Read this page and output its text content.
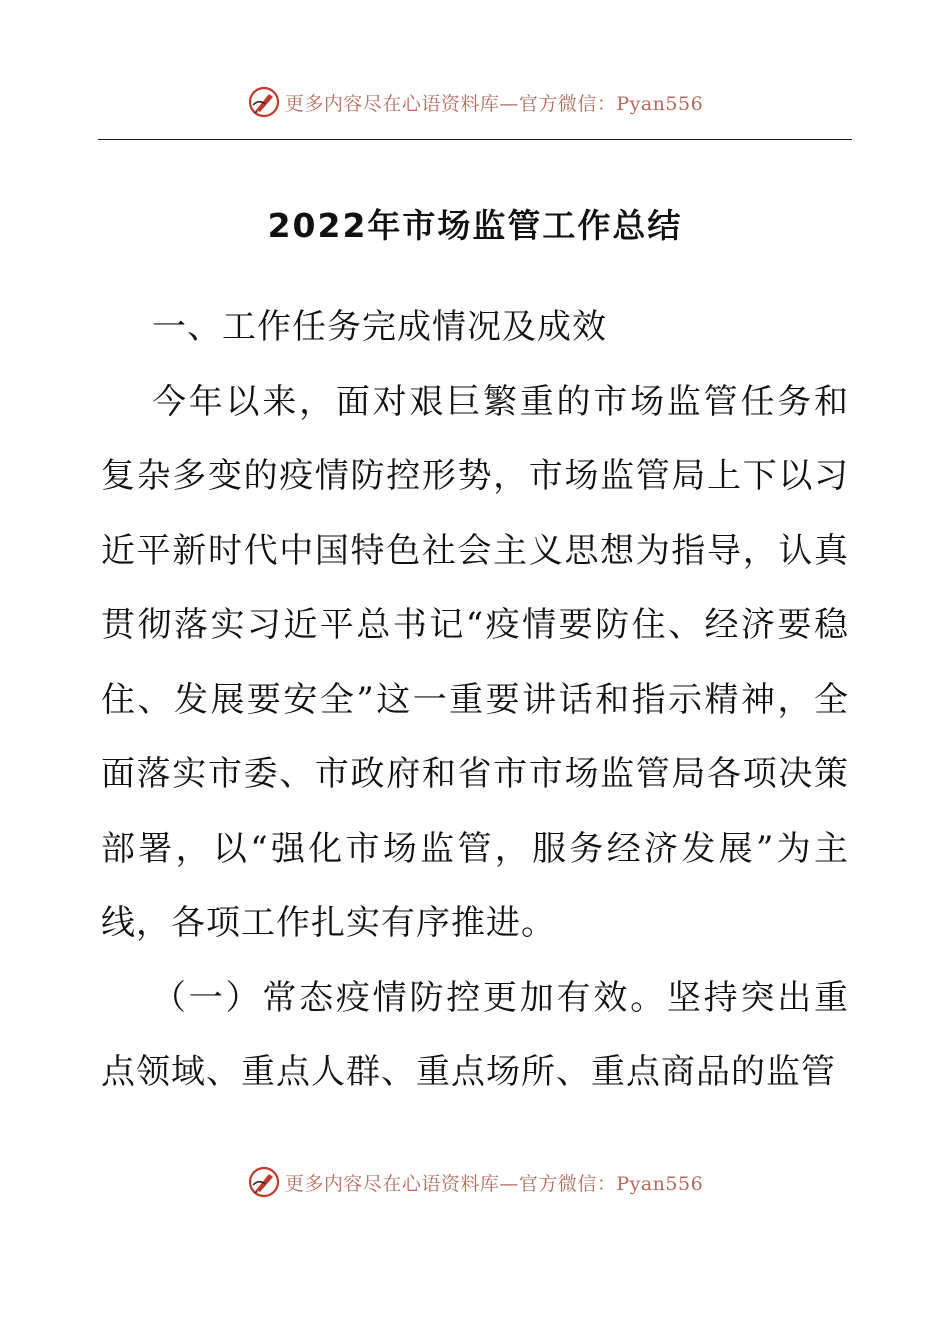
更多内容尽在心语资料库—官方微信：Pyan556
2022年市场监管工作总结

一、工作任务完成情况及成效

今年以来，面对艰巨繁重的市场监管任务和复杂多变的疫情防控形势，市场监管局上下以习近平新时代中国特色社会主义思想为指导，认真贯彻落实习近平总书记“疫情要防住、经济要稳住、发展要安全”这一重要讲话和指示精神，全面落实市委、市政府和省市市场监管局各项决策部署，以“强化市场监管，服务经济发展”为主线，各项工作扎实有序推进。

（一）常态疫情防控更加有效。坚持突出重点领域、重点人群、重点场所、重点商品的监管

更多内容尽在心语资料库—官方微信：Pyan556
